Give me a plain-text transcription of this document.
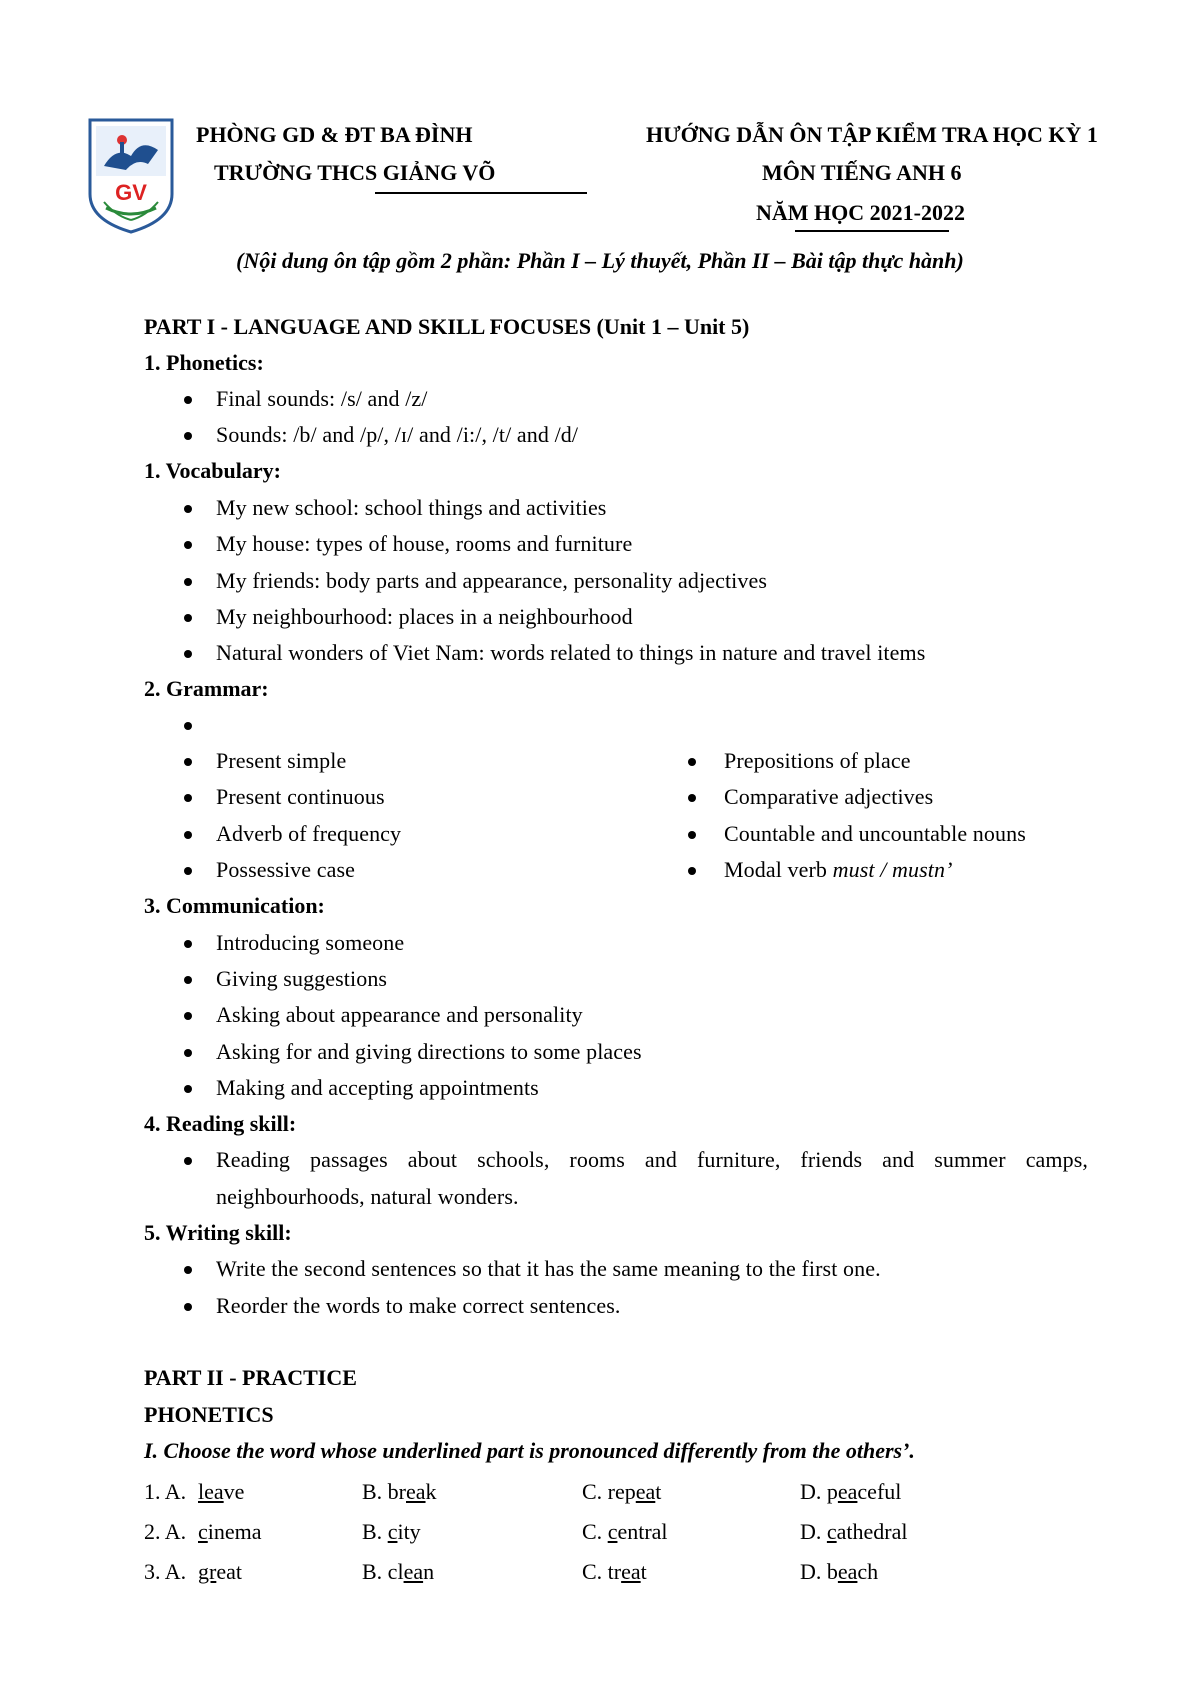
GV
PHÒNG GD & ĐT BA ĐÌNH
TRƯỜNG THCS GIẢNG VÕ
HƯỚNG DẪN ÔN TẬP KIỂM TRA HỌC KỲ 1
MÔN TIẾNG ANH 6
NĂM HỌC 2021-2022
(Nội dung ôn tập gồm 2 phần: Phần I – Lý thuyết, Phần II – Bài tập thực hành)
PART I - LANGUAGE AND SKILL FOCUSES (Unit 1 – Unit 5)
1. Phonetics:
Final sounds: /s/ and /z/
Sounds: /b/ and /p/, /ɪ/ and /i:/, /t/ and /d/
1. Vocabulary:
My new school: school things and activities
My house: types of house, rooms and furniture
My friends: body parts and appearance, personality adjectives
My neighbourhood: places in a neighbourhood
Natural wonders of Viet Nam: words related to things in nature and travel items
2. Grammar:
Present simple
Present continuous
Adverb of frequency
Possessive case
Prepositions of place
Comparative adjectives
Countable and uncountable nouns
Modal verb must / mustn’
3. Communication:
Introducing someone
Giving suggestions
Asking about appearance and personality
Asking for and giving directions to some places
Making and accepting appointments
4. Reading skill:
Reading passages about schools, rooms and furniture, friends and summer camps,
neighbourhoods, natural wonders.
5. Writing skill:
Write the second sentences so that it has the same meaning to the first one.
Reorder the words to make correct sentences.
PART II - PRACTICE
PHONETICS
I. Choose the word whose underlined part is pronounced differently from the others’.
1. A. leave	B. break	C. repeat	D. peaceful
2. A. cinema	B. city	C. central	D. cathedral
3. A. great	B. clean	C. treat	D. beach
